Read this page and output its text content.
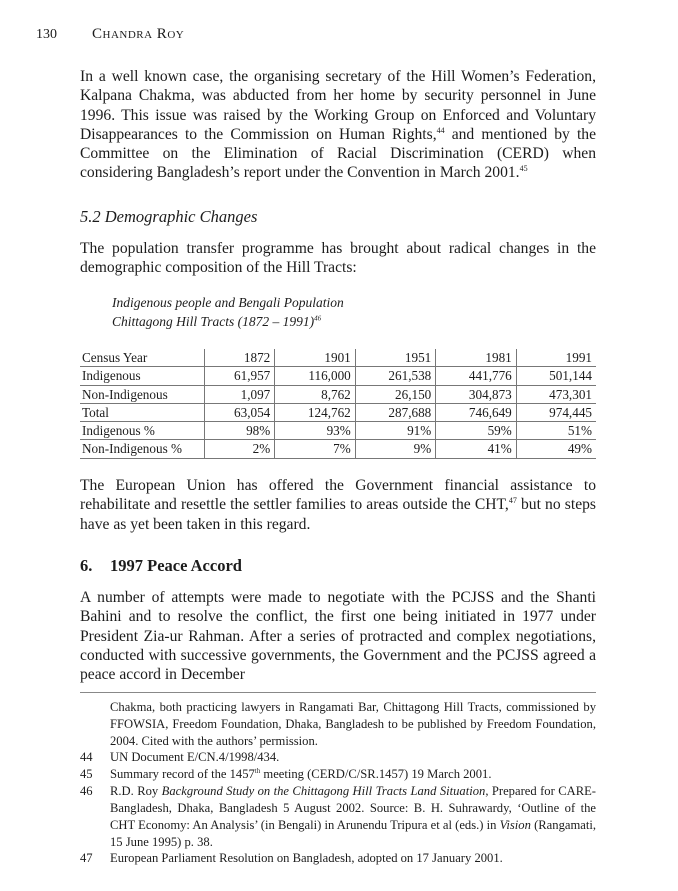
130 Chandra Roy
In a well known case, the organising secretary of the Hill Women’s Federation, Kalpana Chakma, was abducted from her home by security personnel in June 1996. This issue was raised by the Working Group on Enforced and Voluntary Disappearances to the Commission on Human Rights,$^{44}$ and mentioned by the Committee on the Elimination of Racial Discrimination (CERD) when considering Bangladesh’s report under the Convention in March 2001.45
5.2 Demographic Changes
The population transfer programme has brought about radical changes in the demographic composition of the Hill Tracts:
Indigenous people and Bengali Population
Chittagong Hill Tracts (1872 – 1991)$^{46}$
Census Year	1872	1901	1951	1981	1991
Indigenous	61,957	116,000	261,538	441,776	501,144
Non-Indigenous	1,097	8,762	26,150	304,873	473,301
Total	63,054	124,762	287,688	746,649	974,445
Indigenous %	98%	93%	91%	59%	51%
Non-Indigenous %	2%	7%	9%	41%	49%
The European Union has offered the Government financial assistance to rehabilitate and resettle the settler families to areas outside the CHT,$^{47}$ but no steps have as yet been taken in this regard.
6. 1997 Peace Accord
A number of attempts were made to negotiate with the PCJSS and the Shanti Bahini and to resolve the conflict, the first one being initiated in 1977 under President Zia-ur Rahman. After a series of protracted and complex negotiations, conducted with successive governments, the Government and the PCJSS agreed a peace accord in December
Chakma, both practicing lawyers in Rangamati Bar, Chittagong Hill Tracts, commissioned by FFOWSIA, Freedom Foundation, Dhaka, Bangladesh to be published by Freedom Foundation, 2004. Cited with the authors’ permission.
44 UN Document E/CN.4/1998/434.
45 Summary record of the 1457th meeting (CERD/C/SR.1457) 19 March 2001.
46 R.D. Roy Background Study on the Chittagong Hill Tracts Land Situation, Prepared for CARE-Bangladesh, Dhaka, Bangladesh 5 August 2002. Source: B. H. Suhrawardy, ‘Outline of the CHT Economy: An Analysis’ (in Bengali) in Arunendu Tripura et al (eds.) in Vision (Rangamati, 15 June 1995) p. 38.
47 European Parliament Resolution on Bangladesh, adopted on 17 January 2001.
